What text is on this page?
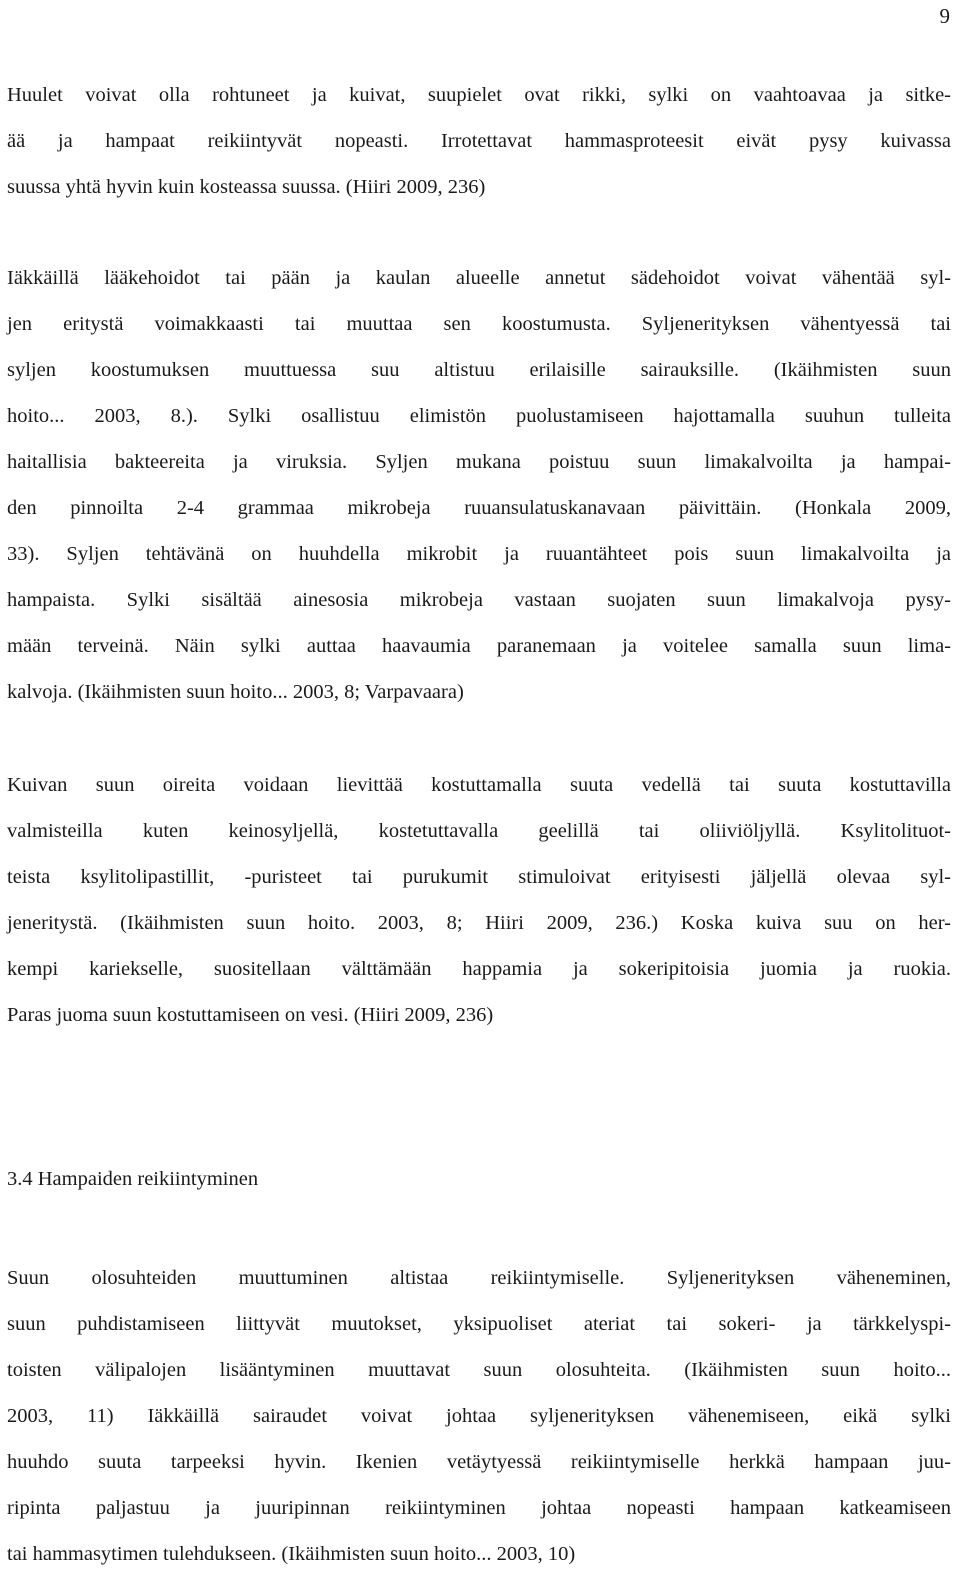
9
Huulet voivat olla rohtuneet ja kuivat, suupielet ovat rikki, sylki on vaahtoavaa ja sitke-
ää ja hampaat reikiintyvät nopeasti. Irrotettavat hammasproteesit eivät pysy kuivassa
suussa yhtä hyvin kuin kosteassa suussa. (Hiiri 2009, 236)
Iäkkäillä lääkehoidot tai pään ja kaulan alueelle annetut sädehoidot voivat vähentää syl-
jen eritystä voimakkaasti tai muuttaa sen koostumusta. Syljenerityksen vähentyessä tai
syljen koostumuksen muuttuessa suu altistuu erilaisille sairauksille. (Ikäihmisten suun
hoito... 2003, 8.). Sylki osallistuu elimistön puolustamiseen hajottamalla suuhun tulleita
haitallisia bakteereita ja viruksia. Syljen mukana poistuu suun limakalvoilta ja hampai-
den pinnoilta 2-4 grammaa mikrobeja ruuansulatuskanavaan päivittäin. (Honkala 2009,
33). Syljen tehtävänä on huuhdella mikrobit ja ruuantähteet pois suun limakalvoilta ja
hampaista. Sylki sisältää ainesosia mikrobeja vastaan suojaten suun limakalvoja pysy-
mään terveinä. Näin sylki auttaa haavaumia paranemaan ja voitelee samalla suun lima-
kalvoja. (Ikäihmisten suun hoito... 2003, 8; Varpavaara)
Kuivan suun oireita voidaan lievittää kostuttamalla suuta vedellä tai suuta kostuttavilla
valmisteilla kuten keinosyljellä, kostetuttavalla geelillä tai oliiviöljyllä. Ksylitolituot-
teista ksylitolipastillit, -puristeet tai purukumit stimuloivat erityisesti jäljellä olevaa syl-
jeneritystä. (Ikäihmisten suun hoito. 2003, 8; Hiiri 2009, 236.) Koska kuiva suu on her-
kempi kariekselle, suositellaan välttämään happamia ja sokeripitoisia juomia ja ruokia.
Paras juoma suun kostuttamiseen on vesi. (Hiiri 2009, 236)
3.4 Hampaiden reikiintyminen
Suun olosuhteiden muuttuminen altistaa reikiintymiselle. Syljenerityksen väheneminen,
suun puhdistamiseen liittyvät muutokset, yksipuoliset ateriat tai sokeri- ja tärkkelyspi-
toisten välipalojen lisääntyminen muuttavat suun olosuhteita. (Ikäihmisten suun hoito...
2003, 11) Iäkkäillä sairaudet voivat johtaa syljenerityksen vähenemiseen, eikä sylki
huuhdo suuta tarpeeksi hyvin. Ikenien vetäytyessä reikiintymiselle herkkä hampaan juu-
ripinta paljastuu ja juuripinnan reikiintyminen johtaa nopeasti hampaan katkeamiseen
tai hammasytimen tulehdukseen. (Ikäihmisten suun hoito... 2003, 10)
